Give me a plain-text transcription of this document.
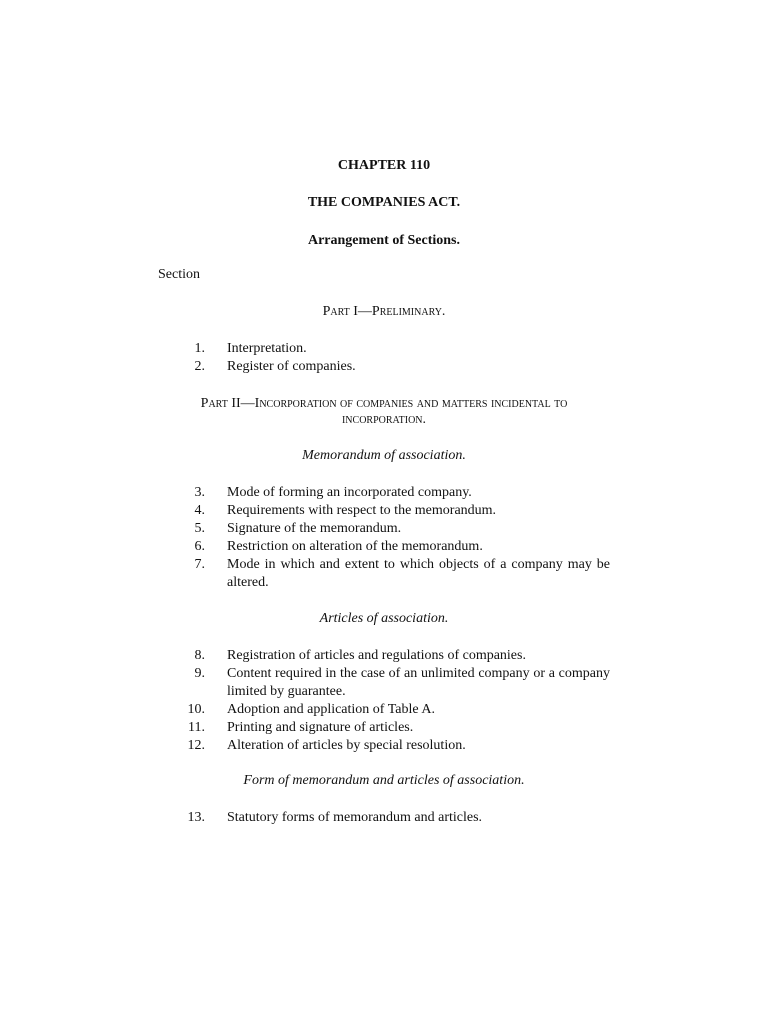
CHAPTER 110
THE COMPANIES ACT.
Arrangement of Sections.
Section
Part I—Preliminary.
1. Interpretation.
2. Register of companies.
Part II—Incorporation of companies and matters incidental to
incorporation.
Memorandum of association.
3. Mode of forming an incorporated company.
4. Requirements with respect to the memorandum.
5. Signature of the memorandum.
6. Restriction on alteration of the memorandum.
7. Mode in which and extent to which objects of a company may be altered.
Articles of association.
8. Registration of articles and regulations of companies.
9. Content required in the case of an unlimited company or a company limited by guarantee.
10. Adoption and application of Table A.
11. Printing and signature of articles.
12. Alteration of articles by special resolution.
Form of memorandum and articles of association.
13. Statutory forms of memorandum and articles.
